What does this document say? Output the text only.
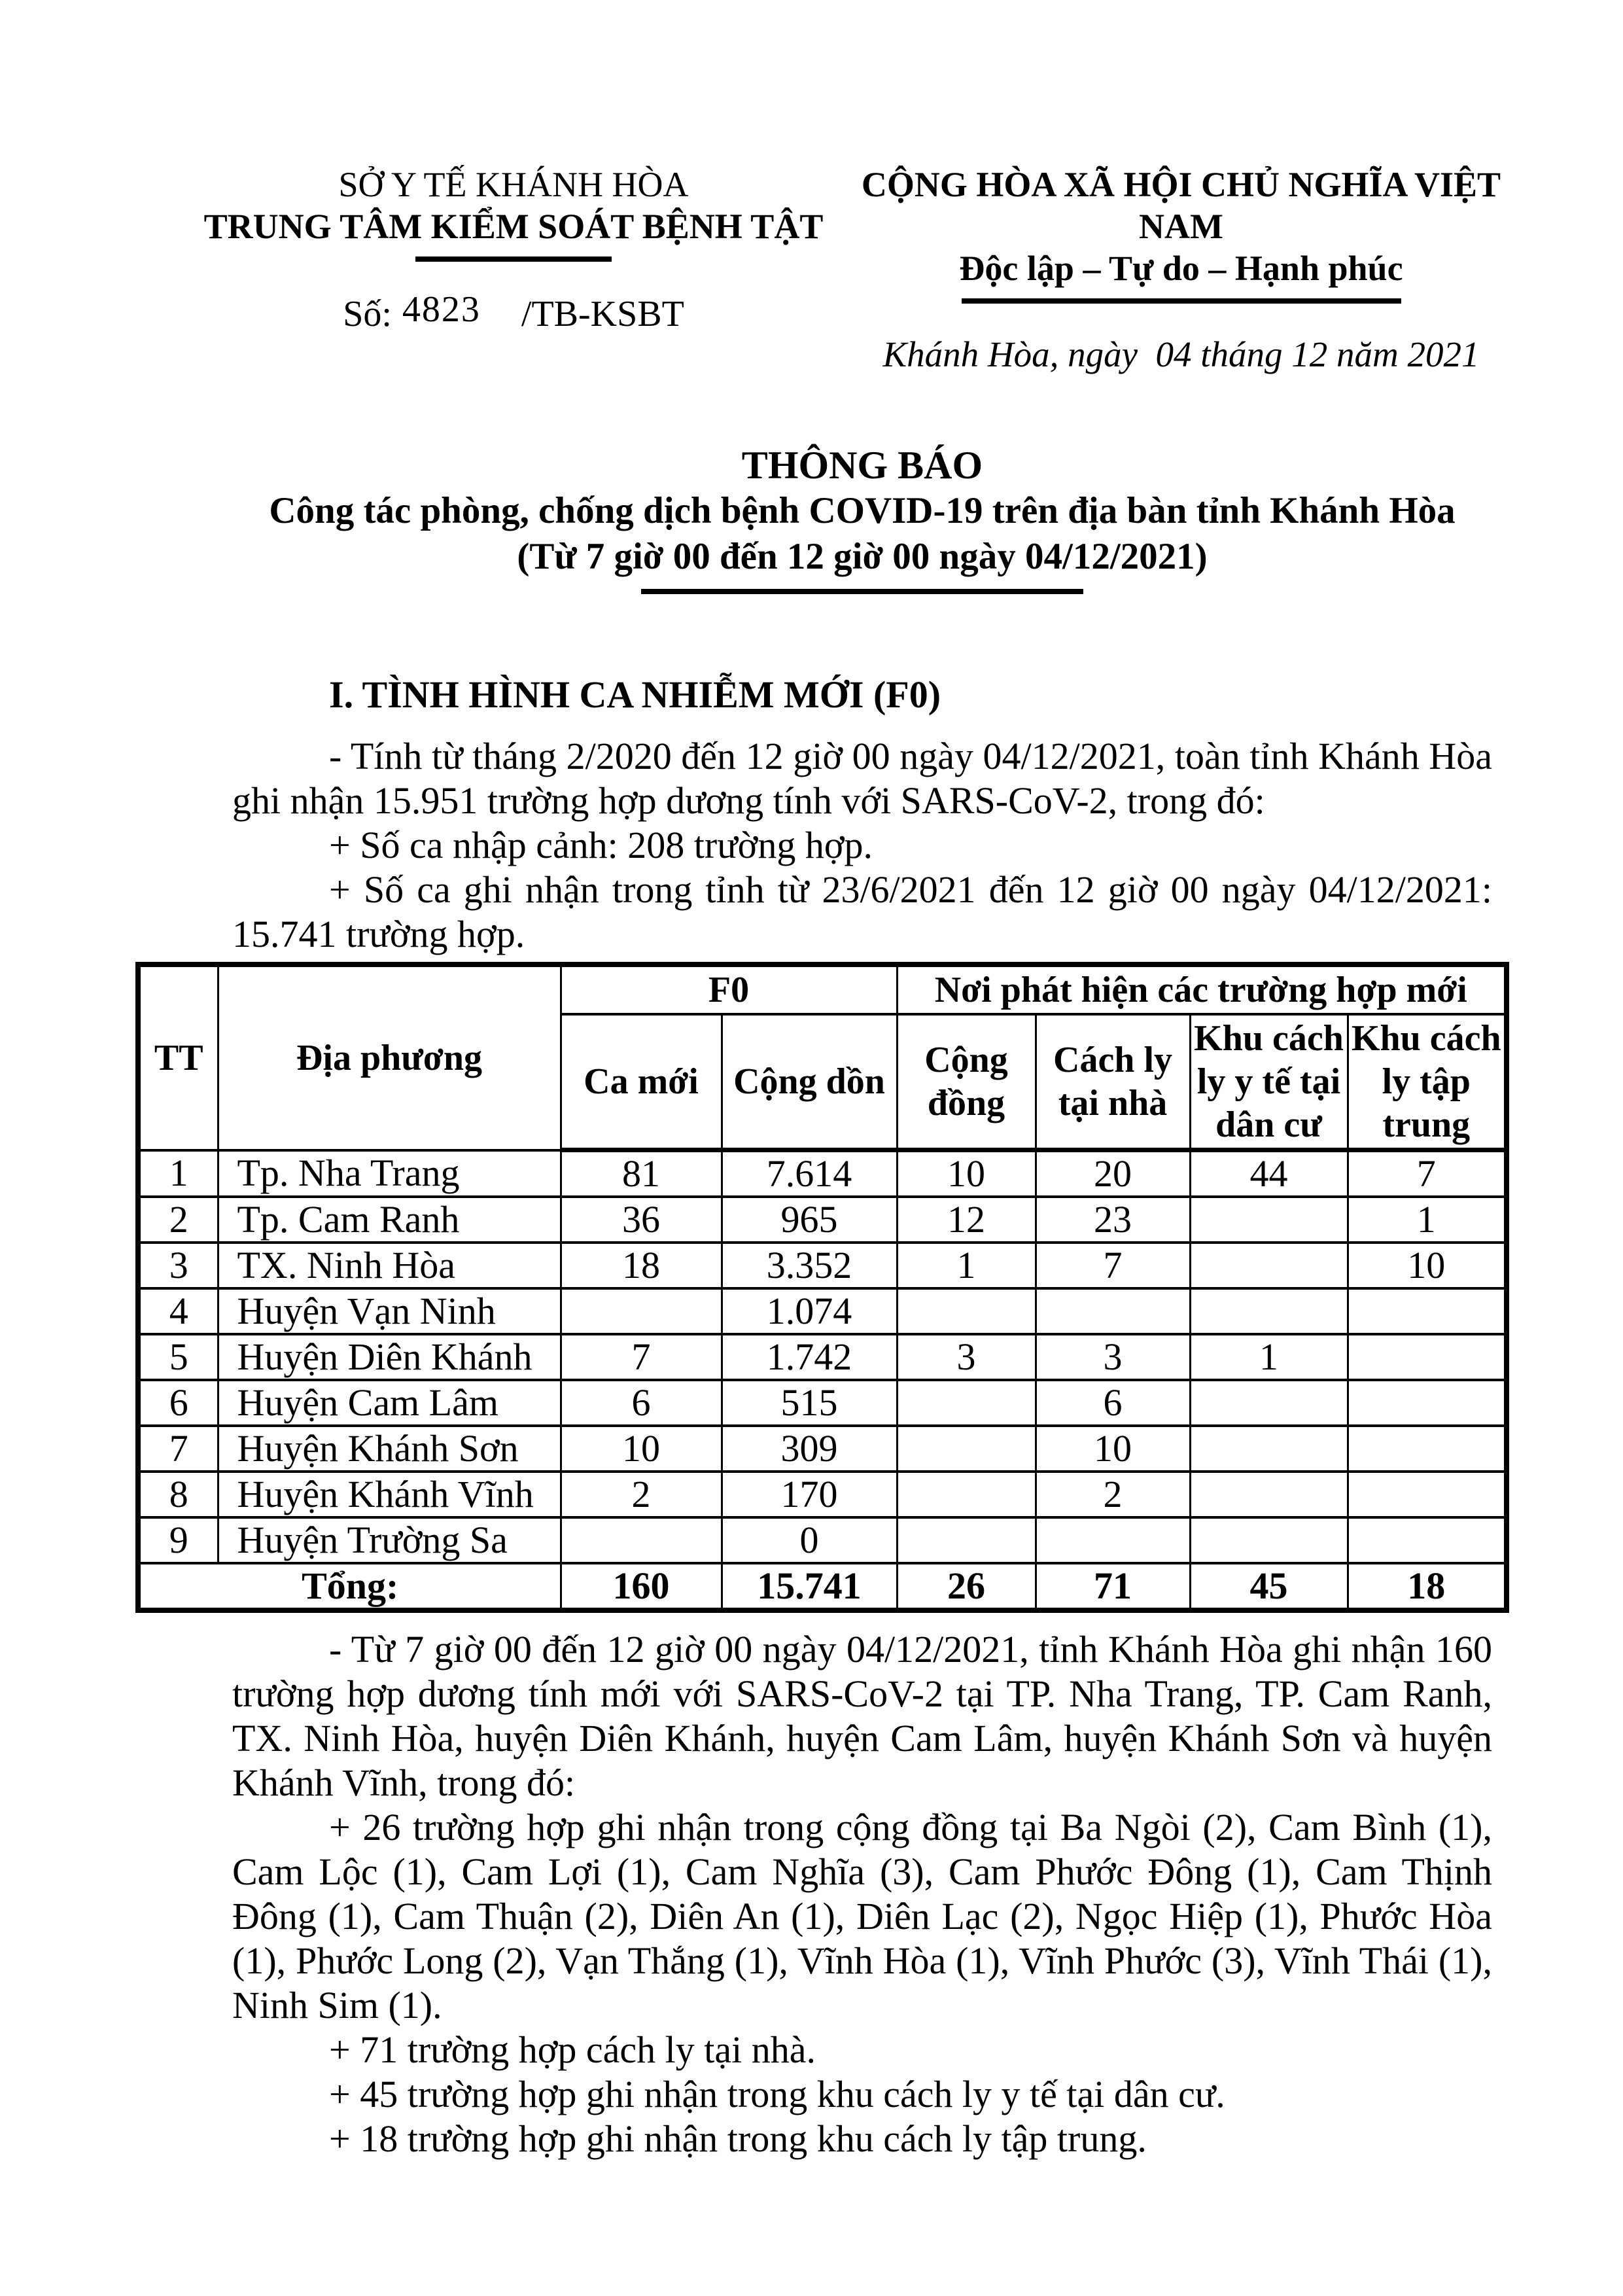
SỞ Y TẾ KHÁNH HÒA
TRUNG TÂM KIỂM SOÁT BỆNH TẬT
Số: 4823 /TB-KSBT
CỘNG HÒA XÃ HỘI CHỦ NGHĨA VIỆT NAM
Độc lập – Tự do – Hạnh phúc
Khánh Hòa, ngày  04 tháng 12 năm 2021
THÔNG BÁO
Công tác phòng, chống dịch bệnh COVID-19 trên địa bàn tỉnh Khánh Hòa
(Từ 7 giờ 00 đến 12 giờ 00 ngày 04/12/2021)
I. TÌNH HÌNH CA NHIỄM MỚI (F0)

- Tính từ tháng 2/2020 đến 12 giờ 00 ngày 04/12/2021, toàn tỉnh Khánh Hòa ghi nhận 15.951 trường hợp dương tính với SARS-CoV-2, trong đó:

+ Số ca nhập cảnh: 208 trường hợp.

+ Số ca ghi nhận trong tỉnh từ 23/6/2021 đến 12 giờ 00 ngày 04/12/2021: 15.741 trường hợp.

TT	Địa phương	F0		Nơi phát hiện các trường hợp mới			
		Ca mới	Cộng dồn	Cộng đồng	Cách ly tại nhà	Khu cách ly y tế tại dân cư	Khu cách ly tập trung
1	Tp. Nha Trang	81	7.614	10	20	44	7
2	Tp. Cam Ranh	36	965	12	23		1
3	TX. Ninh Hòa	18	3.352	1	7		10
4	Huyện Vạn Ninh		1.074				
5	Huyện Diên Khánh	7	1.742	3	3	1	
6	Huyện Cam Lâm	6	515		6		
7	Huyện Khánh Sơn	10	309		10		
8	Huyện Khánh Vĩnh	2	170		2		
9	Huyện Trường Sa		0				
Tổng:		160	15.741	26	71	45	18

- Từ 7 giờ 00 đến 12 giờ 00 ngày 04/12/2021, tỉnh Khánh Hòa ghi nhận 160 trường hợp dương tính mới với SARS-CoV-2 tại TP. Nha Trang, TP. Cam Ranh, TX. Ninh Hòa, huyện Diên Khánh, huyện Cam Lâm, huyện Khánh Sơn và huyện Khánh Vĩnh, trong đó:

+ 26 trường hợp ghi nhận trong cộng đồng tại Ba Ngòi (2), Cam Bình (1), Cam Lộc (1), Cam Lợi (1), Cam Nghĩa (3), Cam Phước Đông (1), Cam Thịnh Đông (1), Cam Thuận (2), Diên An (1), Diên Lạc (2), Ngọc Hiệp (1), Phước Hòa (1), Phước Long (2), Vạn Thắng (1), Vĩnh Hòa (1), Vĩnh Phước (3), Vĩnh Thái (1), Ninh Sim (1).

+ 71 trường hợp cách ly tại nhà.

+ 45 trường hợp ghi nhận trong khu cách ly y tế tại dân cư.

+ 18 trường hợp ghi nhận trong khu cách ly tập trung.
